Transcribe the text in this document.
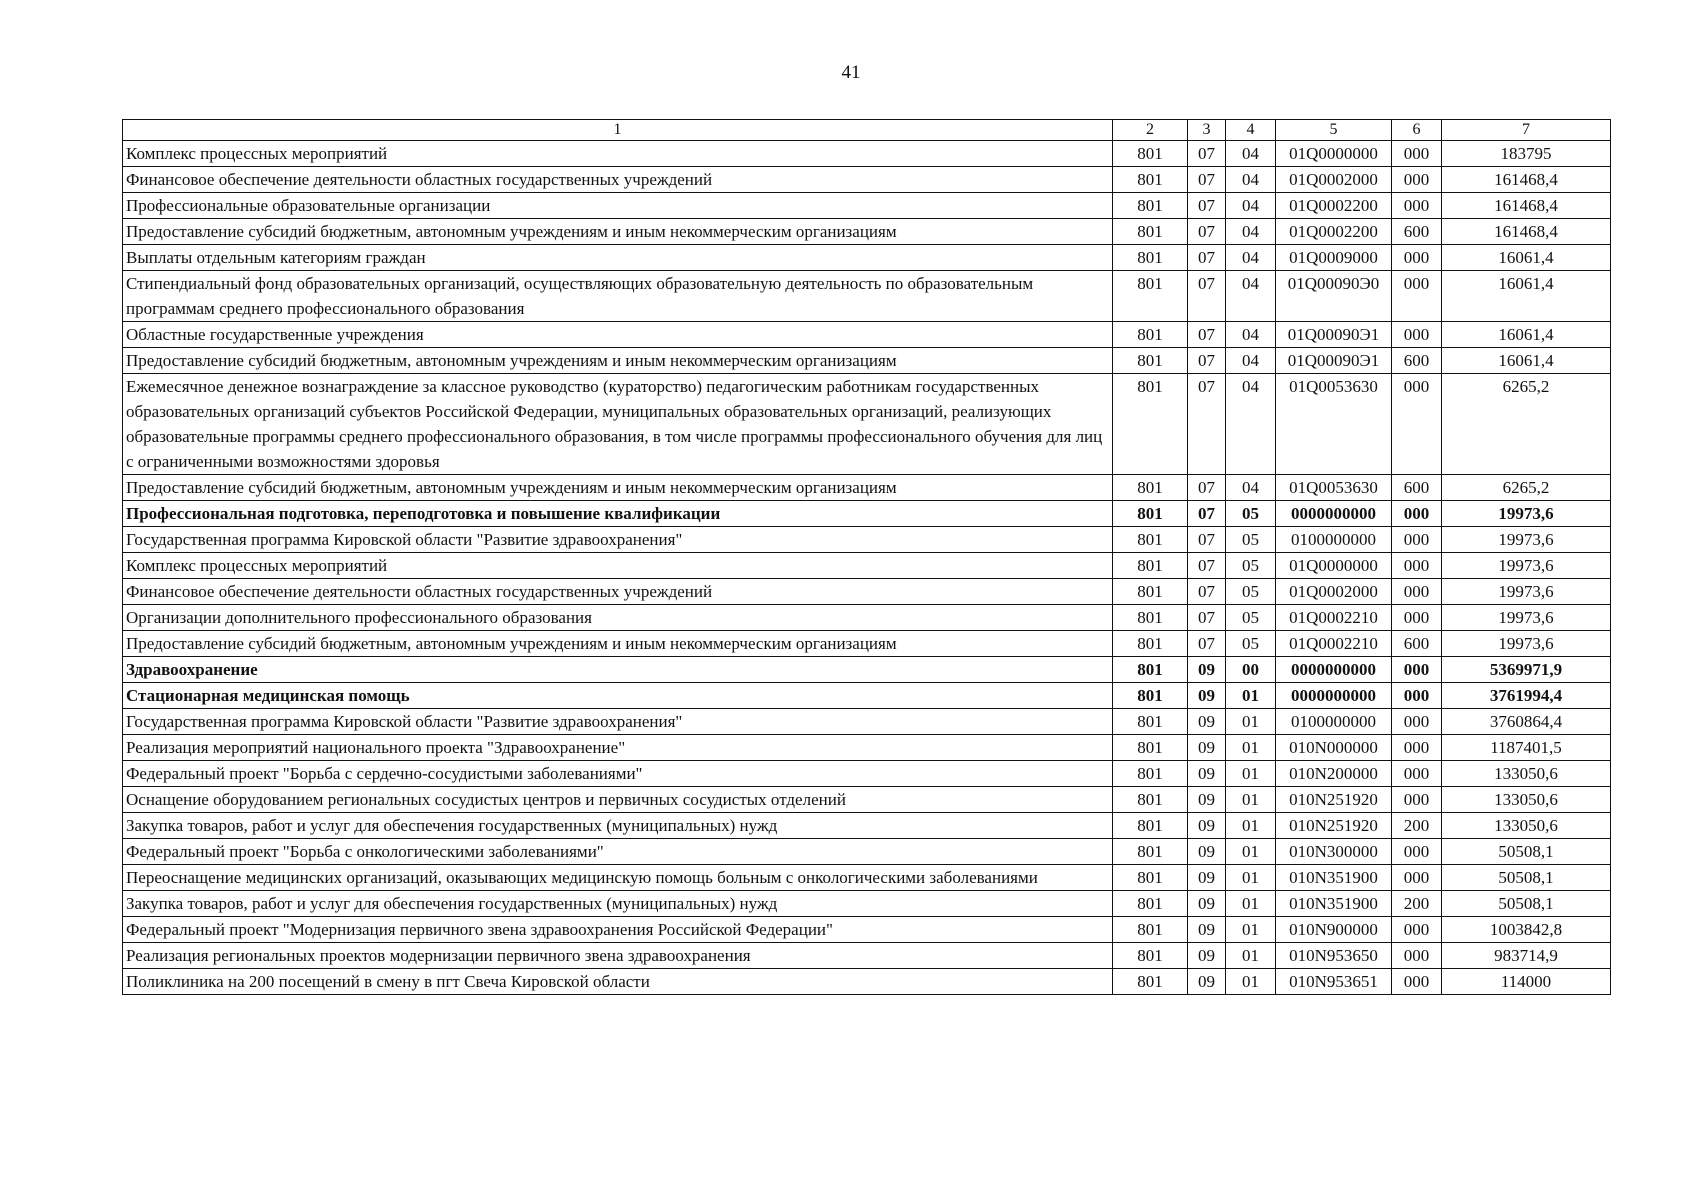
41
1	2	3	4	5	6	7
Комплекс процессных мероприятий	801	07	04	01Q0000000	000	183795
Финансовое обеспечение деятельности областных государственных учреждений	801	07	04	01Q0002000	000	161468,4
Профессиональные образовательные организации	801	07	04	01Q0002200	000	161468,4
Предоставление субсидий бюджетным, автономным учреждениям и иным некоммерческим организациям	801	07	04	01Q0002200	600	161468,4
Выплаты отдельным категориям граждан	801	07	04	01Q0009000	000	16061,4
Стипендиальный фонд образовательных организаций, осуществляющих образовательную деятельность по образовательным программам среднего профессионального образования	801	07	04	01Q00090Э0	000	16061,4
Областные государственные учреждения	801	07	04	01Q00090Э1	000	16061,4
Предоставление субсидий бюджетным, автономным учреждениям и иным некоммерческим организациям	801	07	04	01Q00090Э1	600	16061,4
Ежемесячное денежное вознаграждение за классное руководство (кураторство) педагогическим работникам государственных образовательных организаций субъектов Российской Федерации, муниципальных образовательных организаций, реализующих образовательные программы среднего профессионального образования, в том числе программы профессионального обучения для лиц с ограниченными возможностями здоровья	801	07	04	01Q0053630	000	6265,2
Предоставление субсидий бюджетным, автономным учреждениям и иным некоммерческим организациям	801	07	04	01Q0053630	600	6265,2
Профессиональная подготовка, переподготовка и повышение квалификации	801	07	05	0000000000	000	19973,6
Государственная программа Кировской области "Развитие здравоохранения"	801	07	05	0100000000	000	19973,6
Комплекс процессных мероприятий	801	07	05	01Q0000000	000	19973,6
Финансовое обеспечение деятельности областных государственных учреждений	801	07	05	01Q0002000	000	19973,6
Организации дополнительного профессионального образования	801	07	05	01Q0002210	000	19973,6
Предоставление субсидий бюджетным, автономным учреждениям и иным некоммерческим организациям	801	07	05	01Q0002210	600	19973,6
Здравоохранение	801	09	00	0000000000	000	5369971,9
Стационарная медицинская помощь	801	09	01	0000000000	000	3761994,4
Государственная программа Кировской области "Развитие здравоохранения"	801	09	01	0100000000	000	3760864,4
Реализация мероприятий национального проекта "Здравоохранение"	801	09	01	010N000000	000	1187401,5
Федеральный проект "Борьба с сердечно-сосудистыми заболеваниями"	801	09	01	010N200000	000	133050,6
Оснащение оборудованием региональных сосудистых центров и первичных сосудистых отделений	801	09	01	010N251920	000	133050,6
Закупка товаров, работ и услуг для обеспечения государственных (муниципальных) нужд	801	09	01	010N251920	200	133050,6
Федеральный проект "Борьба с онкологическими заболеваниями"	801	09	01	010N300000	000	50508,1
Переоснащение медицинских организаций, оказывающих медицинскую помощь больным с онкологическими заболеваниями	801	09	01	010N351900	000	50508,1
Закупка товаров, работ и услуг для обеспечения государственных (муниципальных) нужд	801	09	01	010N351900	200	50508,1
Федеральный проект "Модернизация первичного звена здравоохранения Российской Федерации"	801	09	01	010N900000	000	1003842,8
Реализация региональных проектов модернизации первичного звена здравоохранения	801	09	01	010N953650	000	983714,9
Поликлиника на 200 посещений в смену в пгт Свеча Кировской области	801	09	01	010N953651	000	114000
